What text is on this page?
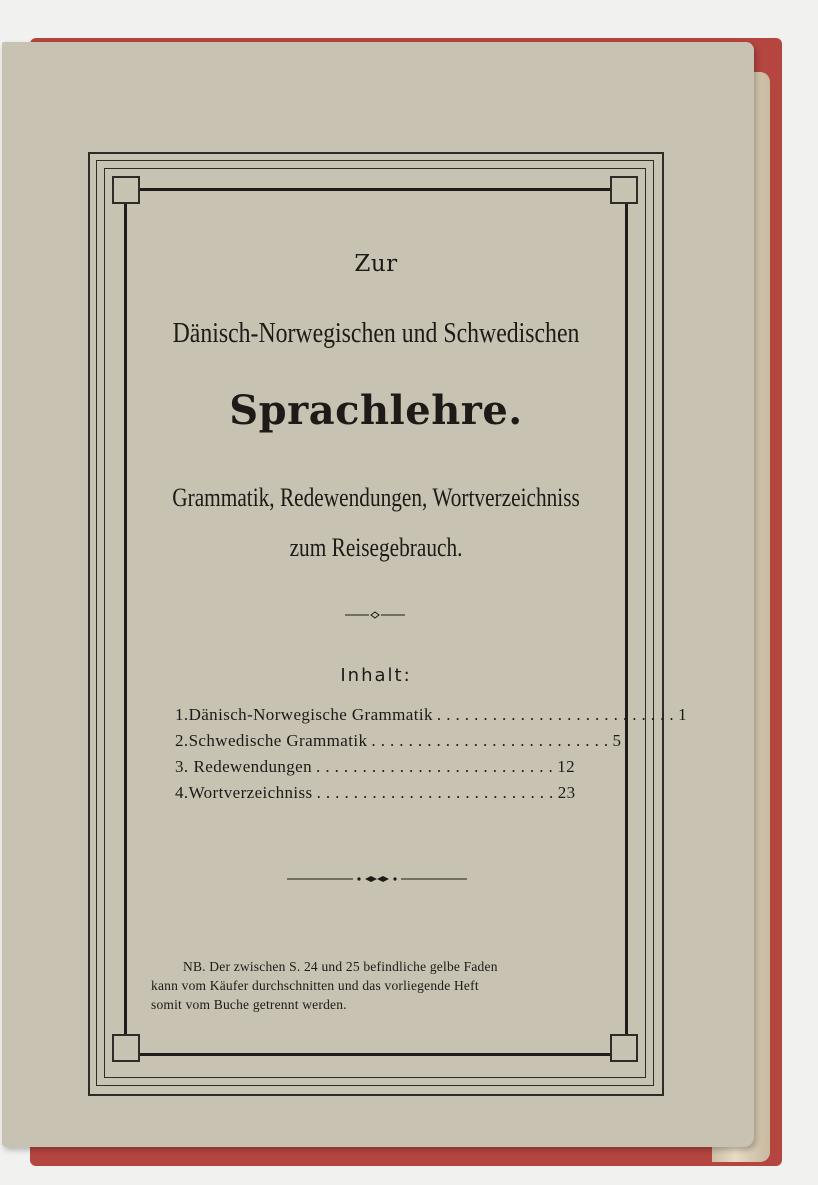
Zur
Dänisch-Norwegischen und Schwedischen
Sprachlehre.
Grammatik, Redewendungen, Wortverzeichniss
zum Reisegebrauch.
Inhalt:
1. Dänisch-Norwegische Grammatik . . . . . . . . . . . . . . . . . . . . . . . . . . 1
2. Schwedische Grammatik . . . . . . . . . . . . . . . . . . . . . . . . . . 5
3. Redewendungen . . . . . . . . . . . . . . . . . . . . . . . . . . 12
4. Wortverzeichniss . . . . . . . . . . . . . . . . . . . . . . . . . . 23
NB. Der zwischen S. 24 und 25 befindliche gelbe Faden
kann vom Käufer durchschnitten und das vorliegende Heft
somit vom Buche getrennt werden.
